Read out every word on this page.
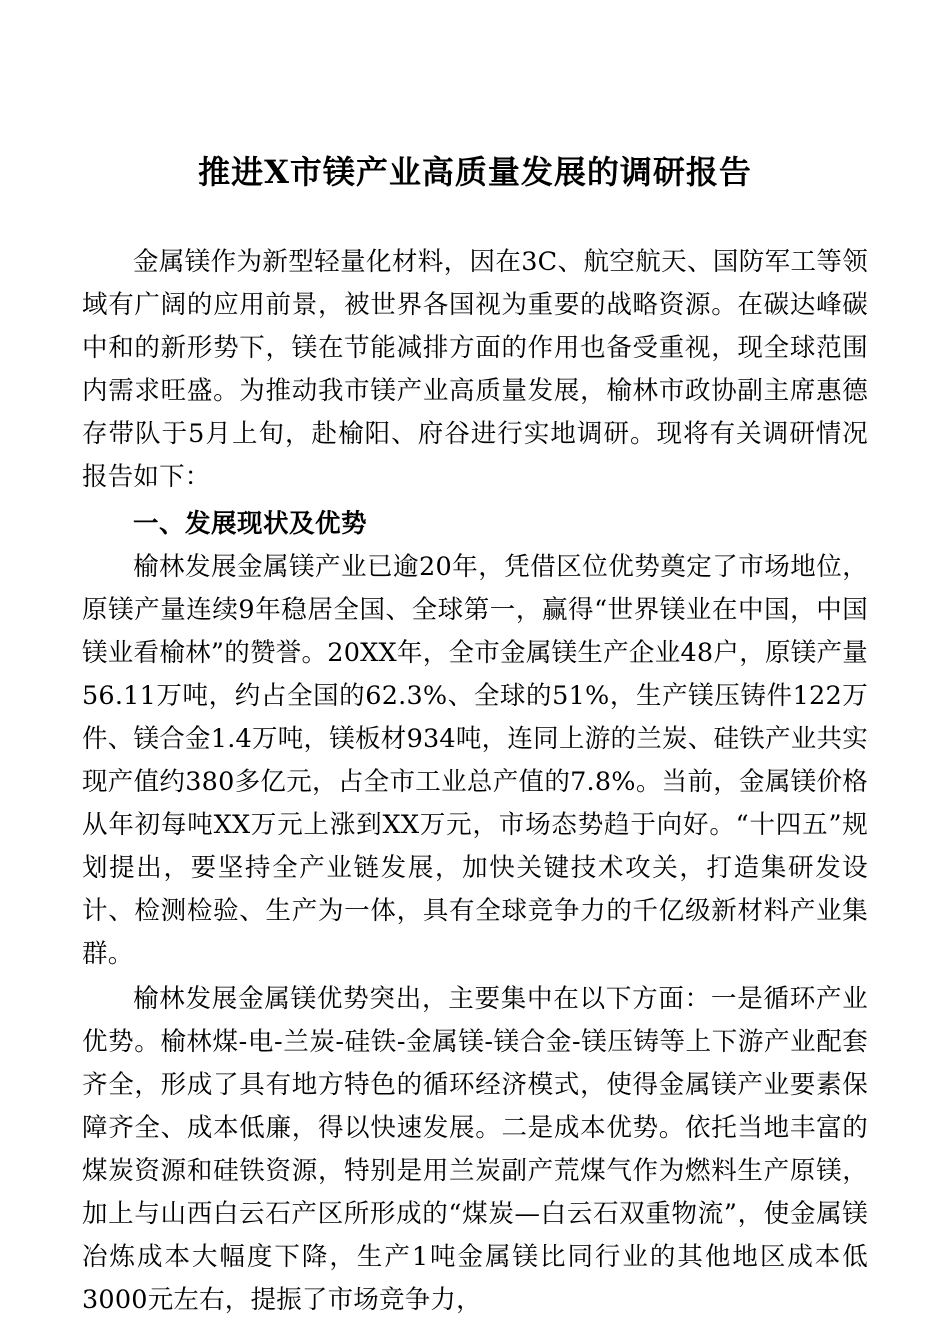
推进X市镁产业高质量发展的调研报告

金属镁作为新型轻量化材料，因在3C、航空航天、国防军工等领域有广阔的应用前景，被世界各国视为重要的战略资源。在碳达峰碳中和的新形势下，镁在节能减排方面的作用也备受重视，现全球范围内需求旺盛。为推动我市镁产业高质量发展，榆林市政协副主席惠德存带队于5月上旬，赴榆阳、府谷进行实地调研。现将有关调研情况报告如下：

一、发展现状及优势

榆林发展金属镁产业已逾20年，凭借区位优势奠定了市场地位，原镁产量连续9年稳居全国、全球第一，赢得“世界镁业在中国，中国镁业看榆林”的赞誉。20XX年，全市金属镁生产企业48户，原镁产量56.11万吨，约占全国的62.3%、全球的51%，生产镁压铸件122万件、镁合金1.4万吨，镁板材934吨，连同上游的兰炭、硅铁产业共实现产值约380多亿元，占全市工业总产值的7.8%。当前，金属镁价格从年初每吨XX万元上涨到XX万元，市场态势趋于向好。“十四五”规划提出，要坚持全产业链发展，加快关键技术攻关，打造集研发设计、检测检验、生产为一体，具有全球竞争力的千亿级新材料产业集群。

榆林发展金属镁优势突出，主要集中在以下方面：一是循环产业优势。榆林煤-电-兰炭-硅铁-金属镁-镁合金-镁压铸等上下游产业配套齐全，形成了具有地方特色的循环经济模式，使得金属镁产业要素保障齐全、成本低廉，得以快速发展。二是成本优势。依托当地丰富的煤炭资源和硅铁资源，特别是用兰炭副产荒煤气作为燃料生产原镁，加上与山西白云石产区所形成的“煤炭—白云石双重物流”，使金属镁冶炼成本大幅度下降，生产1吨金属镁比同行业的其他地区成本低3000元左右，提振了市场竞争力，
